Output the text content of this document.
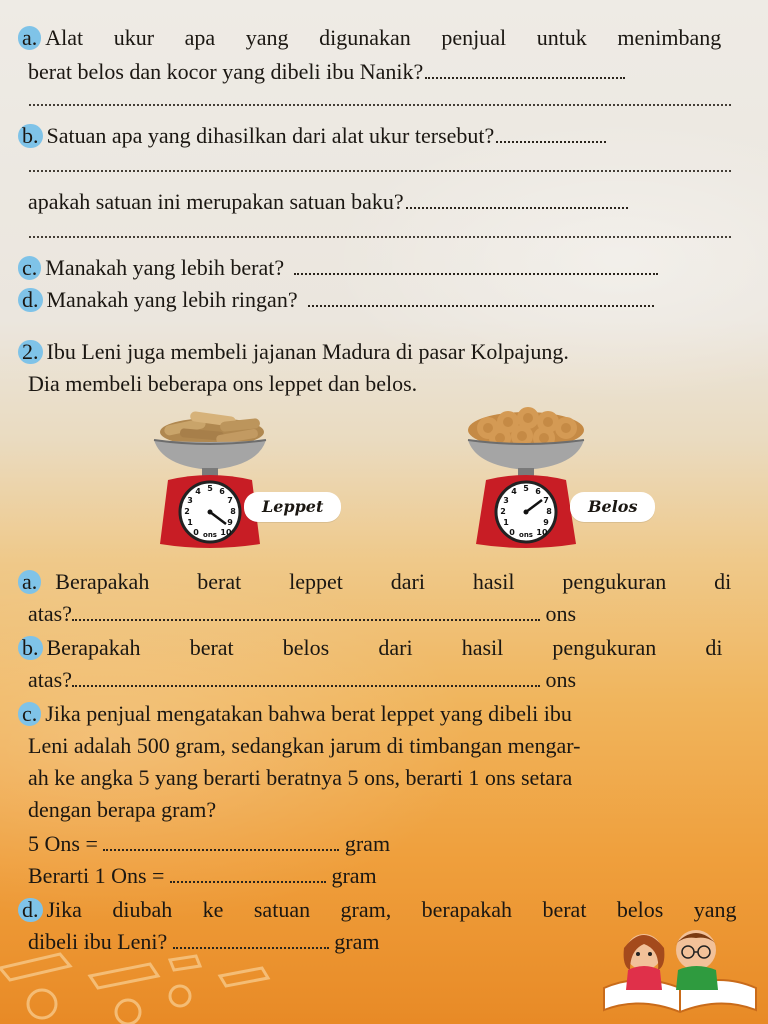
a. Alat ukur apa yang digunakan penjual untuk menimbang
berat belos dan kocor yang dibeli ibu Nanik?
b. Satuan apa yang dihasilkan dari alat ukur tersebut?
apakah satuan ini merupakan satuan baku?
c. Manakah yang lebih berat?
d. Manakah yang lebih ringan?
2. Ibu Leni juga membeli jajanan Madura di pasar Kolpajung.
Dia membeli beberapa ons leppet dan belos.
5
4 6
3	7
2	8
1	9
0	10
ons
Leppet
5
4 6
3	7
2	8
1	9
0	10
ons
Belos
a. Berapakah berat leppet dari hasil pengukuran di
atas?	ons
b. Berapakah berat belos dari hasil pengukuran di
atas?	ons
c. Jika penjual mengatakan bahwa berat leppet yang dibeli ibu
Leni adalah 500 gram, sedangkan jarum di timbangan mengar-
ah ke angka 5 yang berarti beratnya 5 ons, berarti 1 ons setara
dengan berapa gram?
5 Ons =	gram
Berarti 1 Ons =	gram
d. Jika diubah ke satuan gram, berapakah berat belos yang
dibeli ibu Leni?	gram
